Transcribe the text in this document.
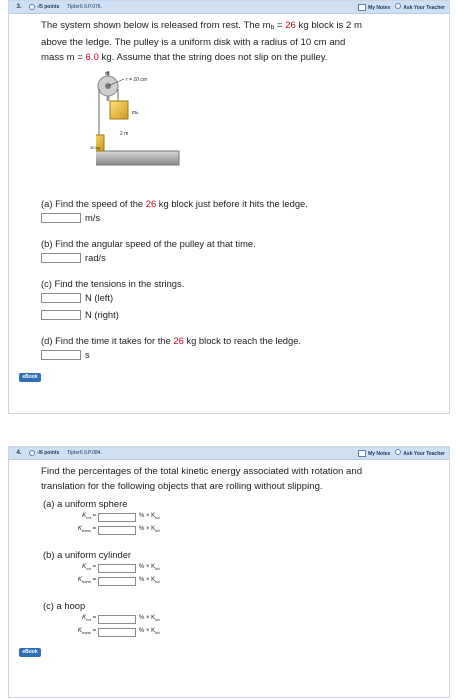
3.	-/5 points TipIer6 9.P.076.	My Notes	Ask Your Teacher
The system shown below is released from rest. The mb = 26 kg block is 2 m
above the ledge. The pulley is a uniform disk with a radius of 10 cm and
mass m = 6.0 kg. Assume that the string does not slip on the pulley.
m
r = 10 cm
mb
2 m
30 kg
(a) Find the speed of the 26 kg block just before it hits the ledge.
m/s
(b) Find the angular speed of the pulley at that time.
rad/s
(c) Find the tensions in the strings.
N (left)
N (right)
(d) Find the time it takes for the 26 kg block to reach the ledge.
s
eBook
4.	-/6 points TipIer6 9.P.084.	My Notes	Ask Your Teacher
Find the percentages of the total kinetic energy associated with rotation and
translation for the following objects that are rolling without slipping.
(a) a uniform sphere
$K_{rot}$ =	% × $K_{tot}$
$K_{trans}$ =	% × $K_{tot}$
(b) a uniform cylinder
$K_{rot}$ =	% × $K_{tot}$
$K_{trans}$ =	% × $K_{tot}$
(c) a hoop
$K_{rot}$ =	% × $K_{tot}$
$K_{trans}$ =	% × $K_{tot}$
eBook
